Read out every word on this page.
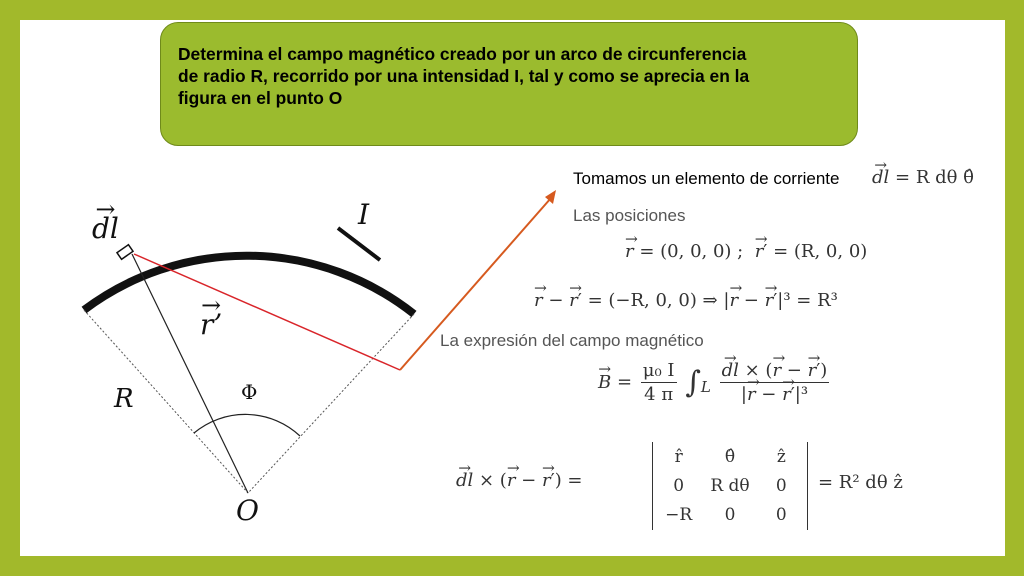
Determina el campo magnético creado por un arco de circunferencia
de radio R, recorrido por una intensidad I, tal y como se aprecia en la
figura en el punto O
→ dl	I
→ r’
R	Φ
O
Tomamos un elemento de corriente
Las posiciones
La expresión del campo magnético
→ dl = R dθ θ̂
→ r = (0, 0, 0) ;  → r′ = (R, 0, 0)
→ r − → r′ = (−R, 0, 0) ⇒ |→ r − → r′|³ = R³
→ $B = \frac{\text{μ₀ I}}{4 \pi} \int_L$
→ $\frac{dl \times (\to r - \to r')}{\text{|→ r − → r′|³}}$
→ dl × (→ r − → r′) =
r̂	θ̂	ẑ
0	R dθ	0
−R	0	0
= R² dθ ẑ
